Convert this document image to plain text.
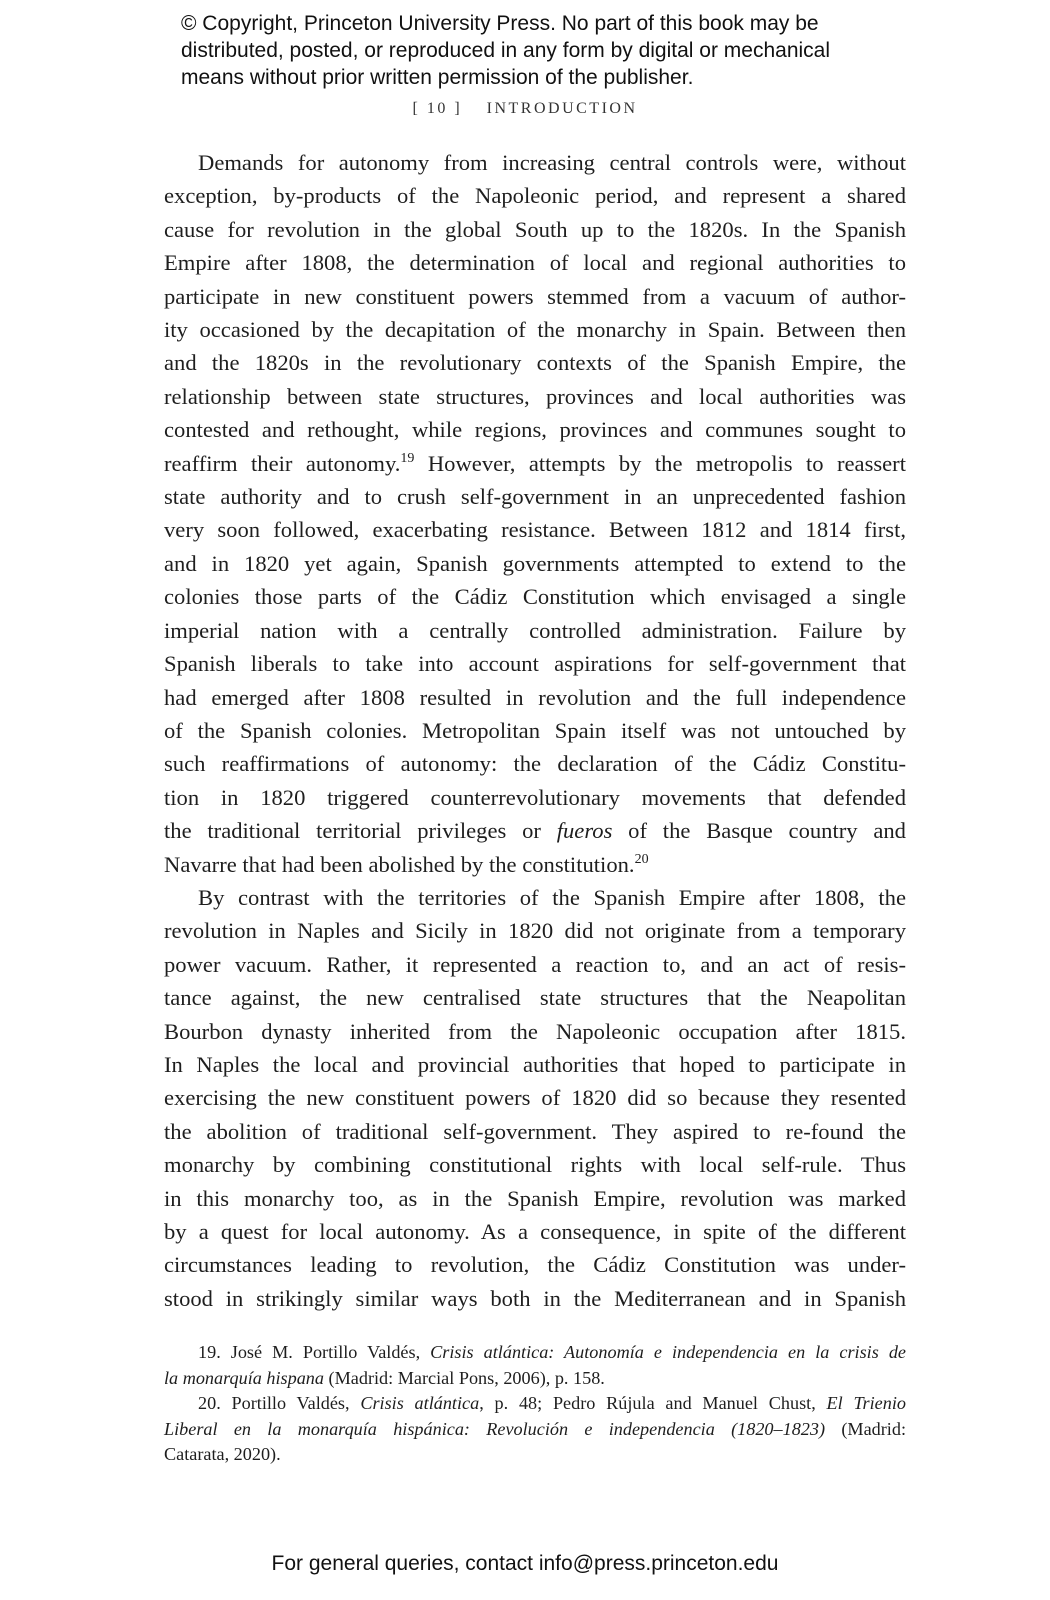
© Copyright, Princeton University Press. No part of this book may be
distributed, posted, or reproduced in any form by digital or mechanical
means without prior written permission of the publisher.
[ 10 ] INTRODUCTION
Demands for autonomy from increasing central controls were, without
exception, by-products of the Napoleonic period, and represent a shared
cause for revolution in the global South up to the 1820s. In the Spanish
Empire after 1808, the determination of local and regional authorities to
participate in new constituent powers stemmed from a vacuum of author-
ity occasioned by the decapitation of the monarchy in Spain. Between then
and the 1820s in the revolutionary contexts of the Spanish Empire, the
relationship between state structures, provinces and local authorities was
contested and rethought, while regions, provinces and communes sought to
reaffirm their autonomy.$^{19}$ However, attempts by the metropolis to reassert
state authority and to crush self-government in an unprecedented fashion
very soon followed, exacerbating resistance. Between 1812 and 1814 first,
and in 1820 yet again, Spanish governments attempted to extend to the
colonies those parts of the Cádiz Constitution which envisaged a single
imperial nation with a centrally controlled administration. Failure by
Spanish liberals to take into account aspirations for self-government that
had emerged after 1808 resulted in revolution and the full independence
of the Spanish colonies. Metropolitan Spain itself was not untouched by
such reaffirmations of autonomy: the declaration of the Cádiz Constitu-
tion in 1820 triggered counterrevolutionary movements that defended
the traditional territorial privileges or fueros of the Basque country and
Navarre that had been abolished by the constitution.$^{20}$
By contrast with the territories of the Spanish Empire after 1808, the
revolution in Naples and Sicily in 1820 did not originate from a temporary
power vacuum. Rather, it represented a reaction to, and an act of resis-
tance against, the new centralised state structures that the Neapolitan
Bourbon dynasty inherited from the Napoleonic occupation after 1815.
In Naples the local and provincial authorities that hoped to participate in
exercising the new constituent powers of 1820 did so because they resented
the abolition of traditional self-government. They aspired to re-found the
monarchy by combining constitutional rights with local self-rule. Thus
in this monarchy too, as in the Spanish Empire, revolution was marked
by a quest for local autonomy. As a consequence, in spite of the different
circumstances leading to revolution, the Cádiz Constitution was under-
stood in strikingly similar ways both in the Mediterranean and in Spanish
19. José M. Portillo Valdés, Crisis atlántica: Autonomía e independencia en la crisis de
la monarquía hispana (Madrid: Marcial Pons, 2006), p. 158.
20. Portillo Valdés, Crisis atlántica, p. 48; Pedro Rújula and Manuel Chust, El Trienio
Liberal en la monarquía hispánica: Revolución e independencia (1820–1823) (Madrid:
Catarata, 2020).
For general queries, contact info@press.princeton.edu
